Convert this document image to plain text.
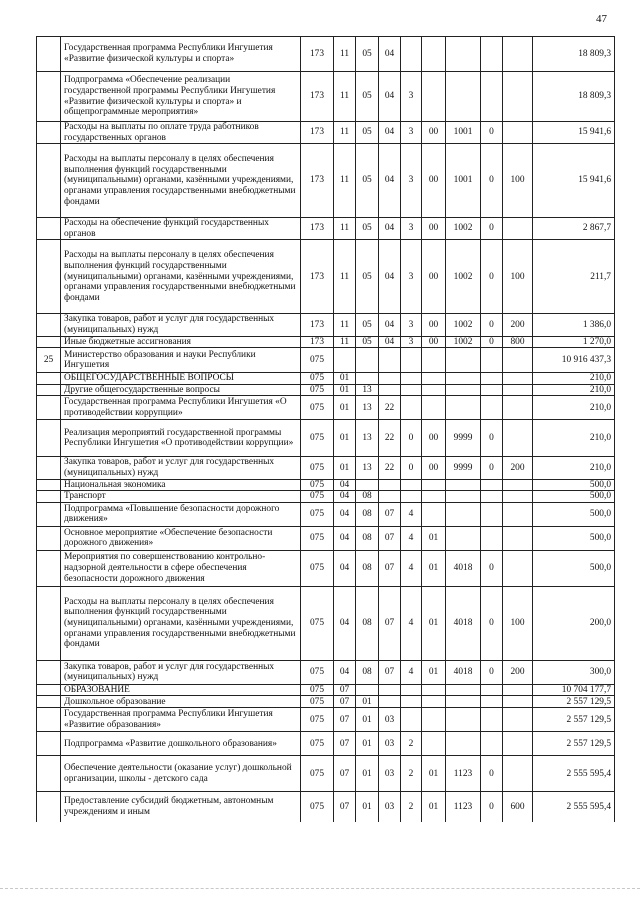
47
	Государственная программа Республики Ингушетия «Развитие физической культуры и спорта»	173	11	05	04						18 809,3
	Подпрограмма «Обеспечение реализации государственной программы Республики Ингушетия «Развитие физической культуры и спорта» и общепрограммные мероприятия»	173	11	05	04	3					18 809,3
	Расходы на выплаты по оплате труда работников государственных органов	173	11	05	04	3	00	1001	0		15 941,6
	Расходы на выплаты персоналу в целях обеспечения выполнения функций государственными (муниципальными) органами, казёнными учреждениями, органами управления государственными внебюджетными фондами	173	11	05	04	3	00	1001	0	100	15 941,6
	Расходы на обеспечение функций государственных органов	173	11	05	04	3	00	1002	0		2 867,7
	Расходы на выплаты персоналу в целях обеспечения выполнения функций государственными (муниципальными) органами, казёнными учреждениями, органами управления государственными внебюджетными фондами	173	11	05	04	3	00	1002	0	100	211,7
	Закупка товаров, работ и услуг для государственных (муниципальных) нужд	173	11	05	04	3	00	1002	0	200	1 386,0
	Иные бюджетные ассигнования	173	11	05	04	3	00	1002	0	800	1 270,0
25	Министерство образования и науки Республики Ингушетия	075									10 916 437,3
	ОБЩЕГОСУДАРСТВЕННЫЕ ВОПРОСЫ	075	01								210,0
	Другие общегосударственные вопросы	075	01	13							210,0
	Государственная программа Республики Ингушетия «О противодействии коррупции»	075	01	13	22						210,0
	Реализация мероприятий государственной программы Республики Ингушетия «О противодействии коррупции»	075	01	13	22	0	00	9999	0		210,0
	Закупка товаров, работ и услуг для государственных (муниципальных) нужд	075	01	13	22	0	00	9999	0	200	210,0
	Национальная экономика	075	04								500,0
	Транспорт	075	04	08							500,0
	Подпрограмма «Повышение безопасности дорожного движения»	075	04	08	07	4					500,0
	Основное мероприятие «Обеспечение безопасности дорожного движения»	075	04	08	07	4	01				500,0
	Мероприятия по совершенствованию контрольно-надзорной деятельности в сфере обеспечения безопасности дорожного движения	075	04	08	07	4	01	4018	0		500,0
	Расходы на выплаты персоналу в целях обеспечения выполнения функций государственными (муниципальными) органами, казёнными учреждениями, органами управления государственными внебюджетными фондами	075	04	08	07	4	01	4018	0	100	200,0
	Закупка товаров, работ и услуг для государственных (муниципальных) нужд	075	04	08	07	4	01	4018	0	200	300,0
	ОБРАЗОВАНИЕ	075	07								10 704 177,7
	Дошкольное образование	075	07	01							2 557 129,5
	Государственная программа Республики Ингушетия «Развитие образования»	075	07	01	03						2 557 129,5
	Подпрограмма «Развитие дошкольного образования»	075	07	01	03	2					2 557 129,5
	Обеспечение деятельности (оказание услуг) дошкольной организации, школы - детского сада	075	07	01	03	2	01	1123	0		2 555 595,4
	Предоставление субсидий бюджетным, автономным учреждениям и иным	075	07	01	03	2	01	1123	0	600	2 555 595,4
